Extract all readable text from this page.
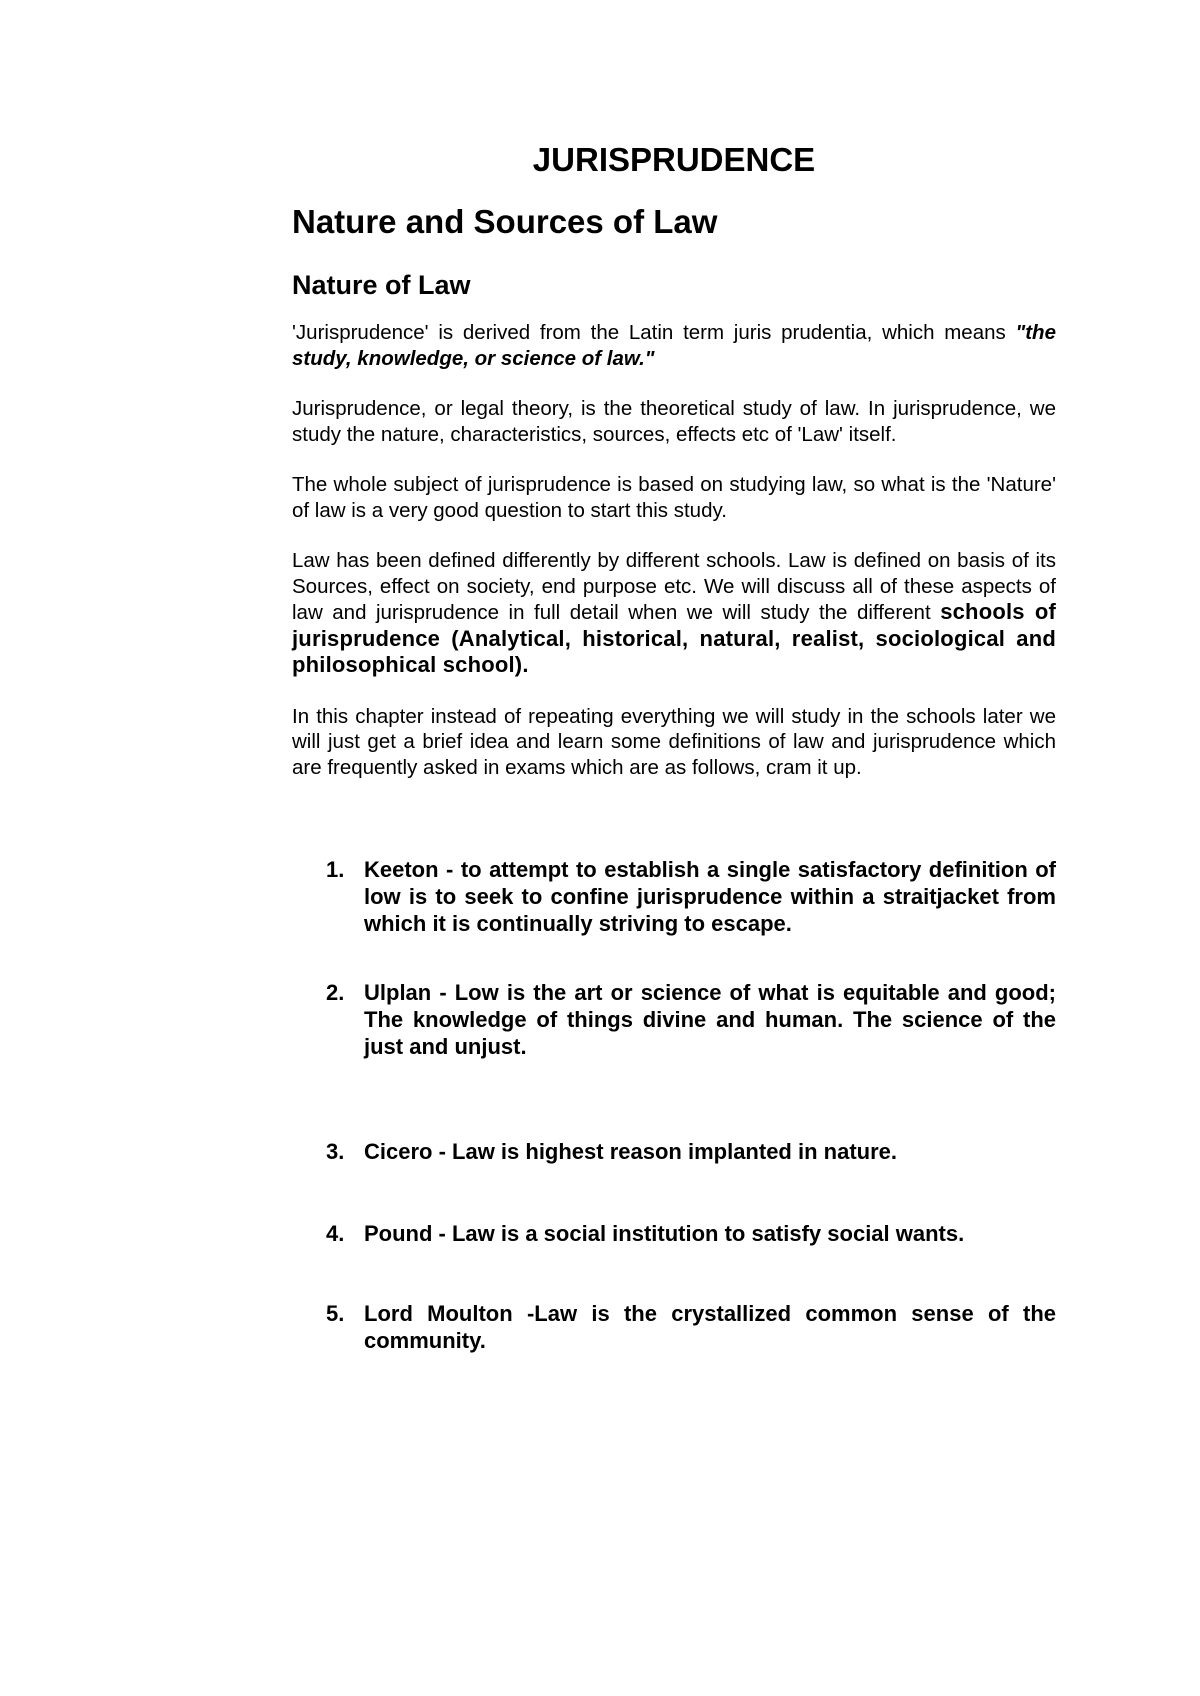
JURISPRUDENCE
Nature and Sources of Law
Nature of Law

'Jurisprudence' is derived from the Latin term juris prudentia, which means "the study, knowledge, or science of law."

Jurisprudence, or legal theory, is the theoretical study of law. In jurisprudence, we study the nature, characteristics, sources, effects etc of 'Law' itself.

The whole subject of jurisprudence is based on studying law, so what is the 'Nature' of law is a very good question to start this study.

Law has been defined differently by different schools. Law is defined on basis of its Sources, effect on society, end purpose etc. We will discuss all of these aspects of law and jurisprudence in full detail when we will study the different schools of jurisprudence (Analytical, historical, natural, realist, sociological and philosophical school).

In this chapter instead of repeating everything we will study in the schools later we will just get a brief idea and learn some definitions of law and jurisprudence which are frequently asked in exams which are as follows, cram it up.

1. Keeton - to attempt to establish a single satisfactory definition of low is to seek to confine jurisprudence within a straitjacket from which it is continually striving to escape.
2. Ulplan - Low is the art or science of what is equitable and good; The knowledge of things divine and human. The science of the just and unjust.
3. Cicero - Law is highest reason implanted in nature.
4. Pound - Law is a social institution to satisfy social wants.
5. Lord Moulton -Law is the crystallized common sense of the community.
